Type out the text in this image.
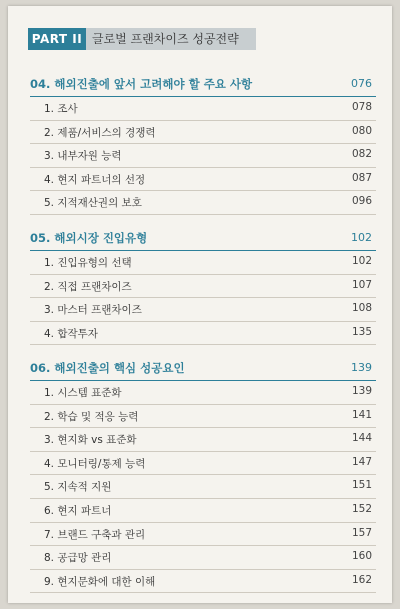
PART II 글로벌 프랜차이즈 성공전략
04. 해외진출에 앞서 고려해야 할 주요 사항	076
1. 조사	078
2. 제품/서비스의 경쟁력	080
3. 내부자원 능력	082
4. 현지 파트너의 선정	087
5. 지적재산권의 보호	096
05. 해외시장 진입유형	102
1. 진입유형의 선택	102
2. 직접 프랜차이즈	107
3. 마스터 프랜차이즈	108
4. 합작투자	135
06. 해외진출의 핵심 성공요인	139
1. 시스템 표준화	139
2. 학습 및 적응 능력	141
3. 현지화 vs 표준화	144
4. 모니터링/통제 능력	147
5. 지속적 지원	151
6. 현지 파트너	152
7. 브랜드 구축과 관리	157
8. 공급망 관리	160
9. 현지문화에 대한 이해	162
